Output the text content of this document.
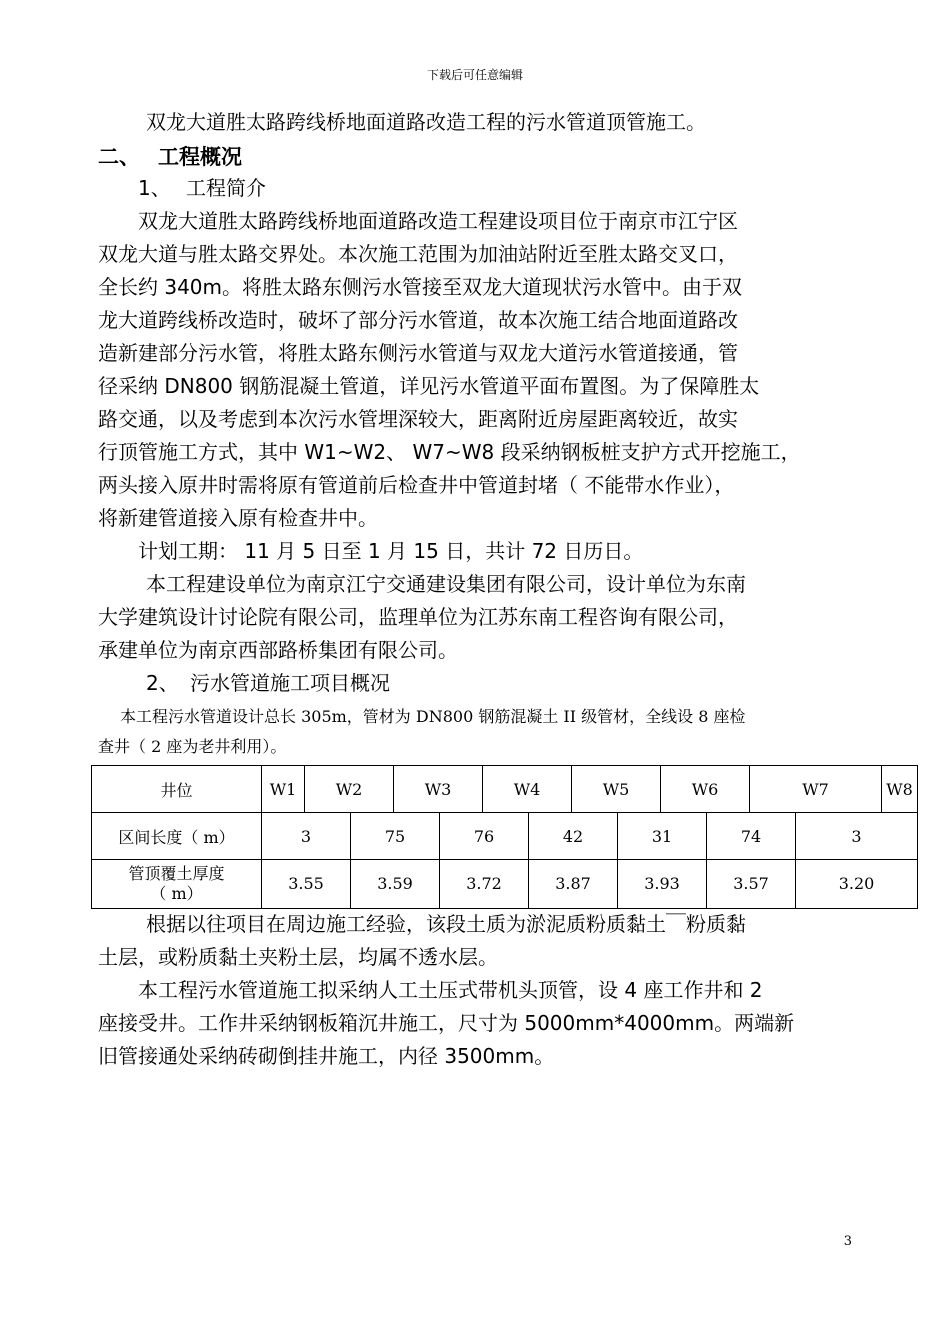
下载后可任意编辑
双龙大道胜太路跨线桥地面道路改造工程的污水管道顶管施工。
二、 工程概况
1、 工程简介
双龙大道胜太路跨线桥地面道路改造工程建设项目位于南京市江宁区
双龙大道与胜太路交界处。本次施工范围为加油站附近至胜太路交叉口，
全长约 340m。将胜太路东侧污水管接至双龙大道现状污水管中。由于双
龙大道跨线桥改造时，破坏了部分污水管道，故本次施工结合地面道路改
造新建部分污水管，将胜太路东侧污水管道与双龙大道污水管道接通，管
径采纳 DN800 钢筋混凝土管道，详见污水管道平面布置图。为了保障胜太
路交通，以及考虑到本次污水管埋深较大，距离附近房屋距离较近，故实
行顶管施工方式，其中 W1~W2、 W7~W8 段采纳钢板桩支护方式开挖施工，
两头接入原井时需将原有管道前后检查井中管道封堵（ 不能带水作业），
将新建管道接入原有检查井中。
计划工期： 11 月 5 日至 1 月 15 日，共计 72 日历日。
本工程建设单位为南京江宁交通建设集团有限公司，设计单位为东南
大学建筑设计讨论院有限公司，监理单位为江苏东南工程咨询有限公司，
承建单位为南京西部路桥集团有限公司。
2、 污水管道施工项目概况
本工程污水管道设计总长 305m，管材为 DN800 钢筋混凝土 II 级管材，全线设 8 座检
查井（ 2 座为老井利用）。
井位	W1	W2		W3		W4		W5		W6		W7		W8
区间长度（ m）	3		75		76		42		31		74		3	
管顶覆土厚度
（ m）	3.55		3.59		3.72		3.87		3.93		3.57		3.20	
根据以往项目在周边施工经验，该段土质为淤泥质粉质黏土￣粉质黏
土层，或粉质黏土夹粉土层，均属不透水层。
本工程污水管道施工拟采纳人工土压式带机头顶管，设 4 座工作井和 2
座接受井。工作井采纳钢板箱沉井施工，尺寸为 5000mm*4000mm。两端新
旧管接通处采纳砖砌倒挂井施工，内径 3500mm。
3
